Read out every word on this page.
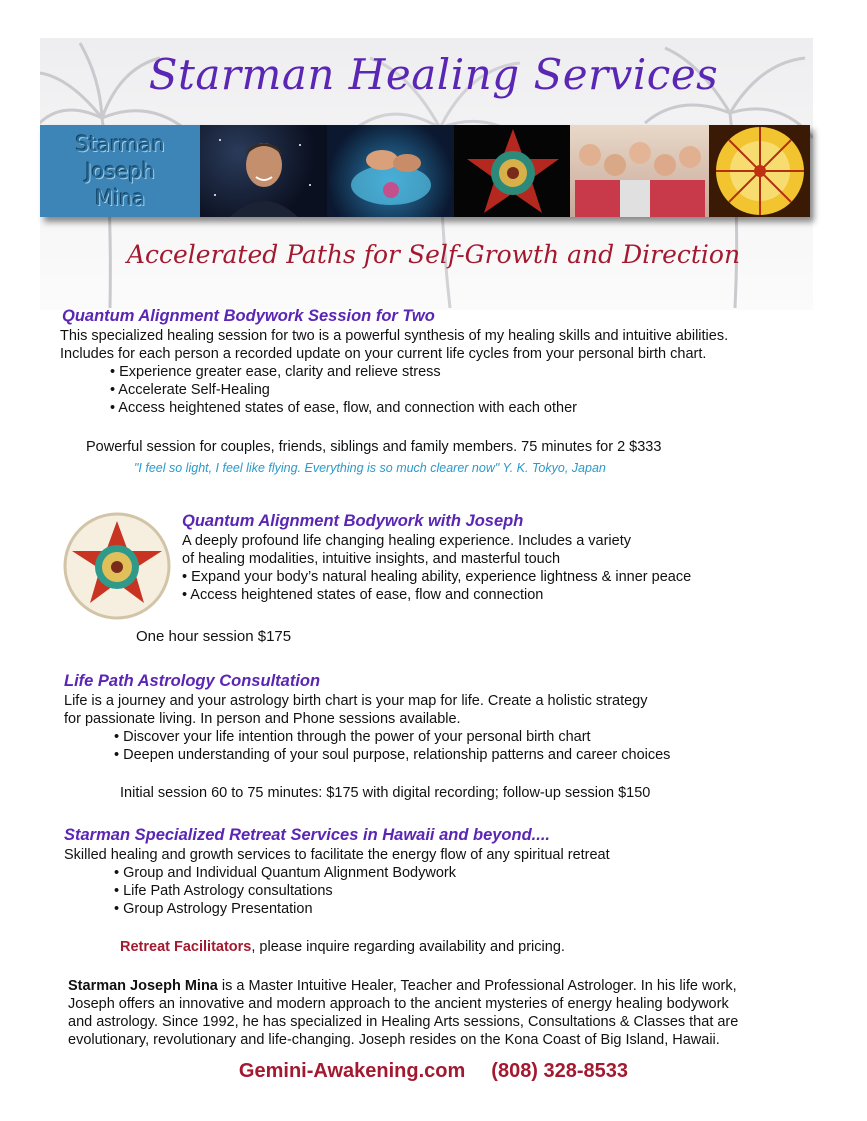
Starman Healing Services
Starman
Joseph
Mina
Accelerated Paths for Self-Growth and Direction
Quantum Alignment Bodywork Session for Two
This specialized healing session for two is a powerful synthesis of my healing skills and intuitive abilities.
Includes for each person a recorded update on your current life cycles from your personal birth chart.
• Experience greater ease, clarity and relieve stress
• Accelerate Self-Healing
• Access heightened states of ease, flow, and connection with each other
Powerful session for couples, friends, siblings and family members. 75 minutes for 2 $333
"I feel so light, I feel like flying. Everything is so much clearer now" Y. K. Tokyo, Japan
Quantum Alignment Bodywork with Joseph
A deeply profound life changing healing experience. Includes a variety
of healing modalities, intuitive insights, and masterful touch
• Expand your body’s natural healing ability, experience lightness & inner peace
• Access heightened states of ease, flow and connection
One hour session $175
Life Path Astrology Consultation
Life is a journey and your astrology birth chart is your map for life. Create a holistic strategy
for passionate living. In person and Phone sessions available.
• Discover your life intention through the power of your personal birth chart
• Deepen understanding of your soul purpose, relationship patterns and career choices
Initial session 60 to 75 minutes: $175 with digital recording; follow-up session $150
Starman Specialized Retreat Services in Hawaii and beyond....
Skilled healing and growth services to facilitate the energy flow of any spiritual retreat
• Group and Individual Quantum Alignment Bodywork
• Life Path Astrology consultations
• Group Astrology Presentation
Retreat Facilitators, please inquire regarding availability and pricing.
Starman Joseph Mina is a Master Intuitive Healer, Teacher and Professional Astrologer. In his life work,
Joseph offers an innovative and modern approach to the ancient mysteries of energy healing bodywork
and astrology. Since 1992, he has specialized in Healing Arts sessions, Consultations & Classes that are
evolutionary, revolutionary and life-changing. Joseph resides on the Kona Coast of Big Island, Hawaii.
Gemini-Awakening.com (808) 328-8533
